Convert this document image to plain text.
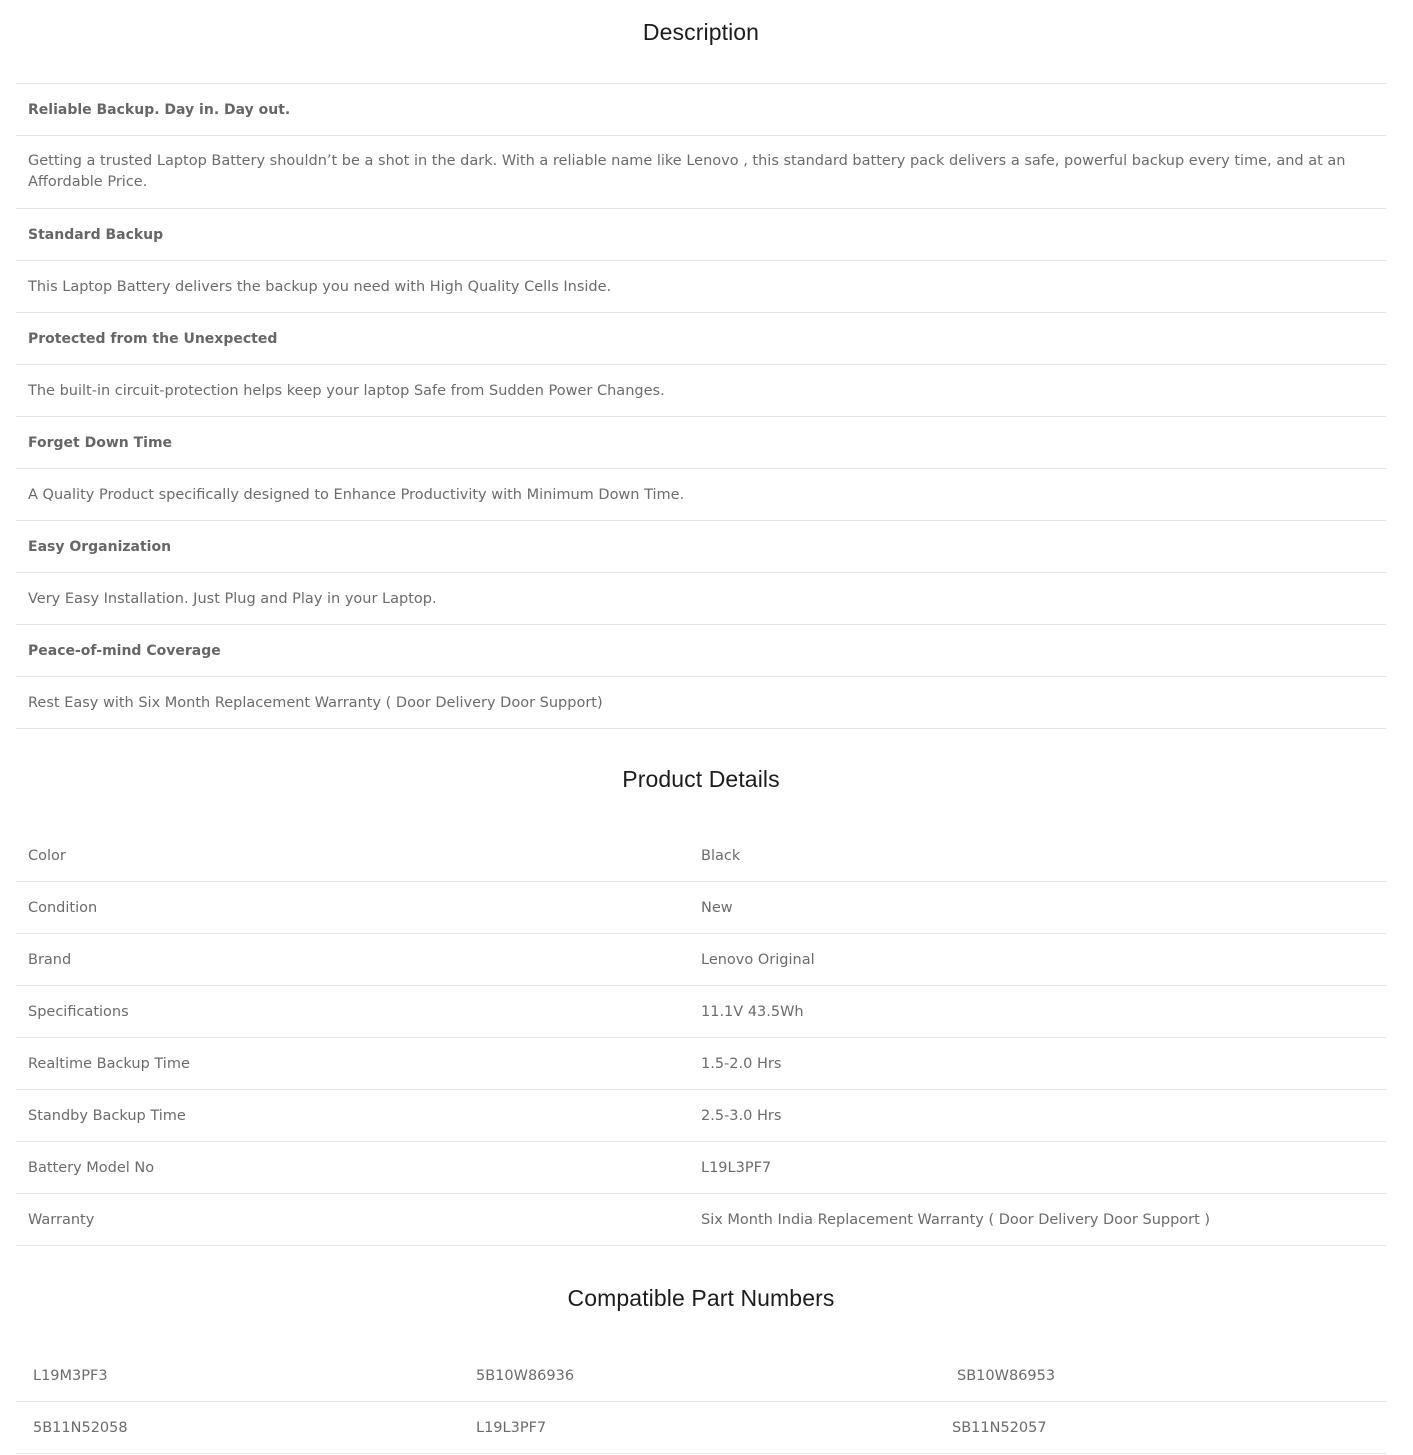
Description
Reliable Backup. Day in. Day out.
Getting a trusted Laptop Battery shouldn’t be a shot in the dark. With a reliable name like Lenovo , this standard battery pack delivers a safe, powerful backup every time, and at an Affordable Price.
Standard Backup
This Laptop Battery delivers the backup you need with High Quality Cells Inside.
Protected from the Unexpected
The built-in circuit-protection helps keep your laptop Safe from Sudden Power Changes.
Forget Down Time
A Quality Product specifically designed to Enhance Productivity with Minimum Down Time.
Easy Organization
Very Easy Installation. Just Plug and Play in your Laptop.
Peace-of-mind Coverage
Rest Easy with Six Month Replacement Warranty ( Door Delivery Door Support)
Product Details
Color	Black
Condition	New
Brand	Lenovo Original
Specifications	11.1V 43.5Wh
Realtime Backup Time	1.5-2.0 Hrs
Standby Backup Time	2.5-3.0 Hrs
Battery Model No	L19L3PF7
Warranty	Six Month India Replacement Warranty ( Door Delivery Door Support )
Compatible Part Numbers
L19M3PF3	5B10W86936	SB10W86953
5B11N52058	L19L3PF7	SB11N52057
